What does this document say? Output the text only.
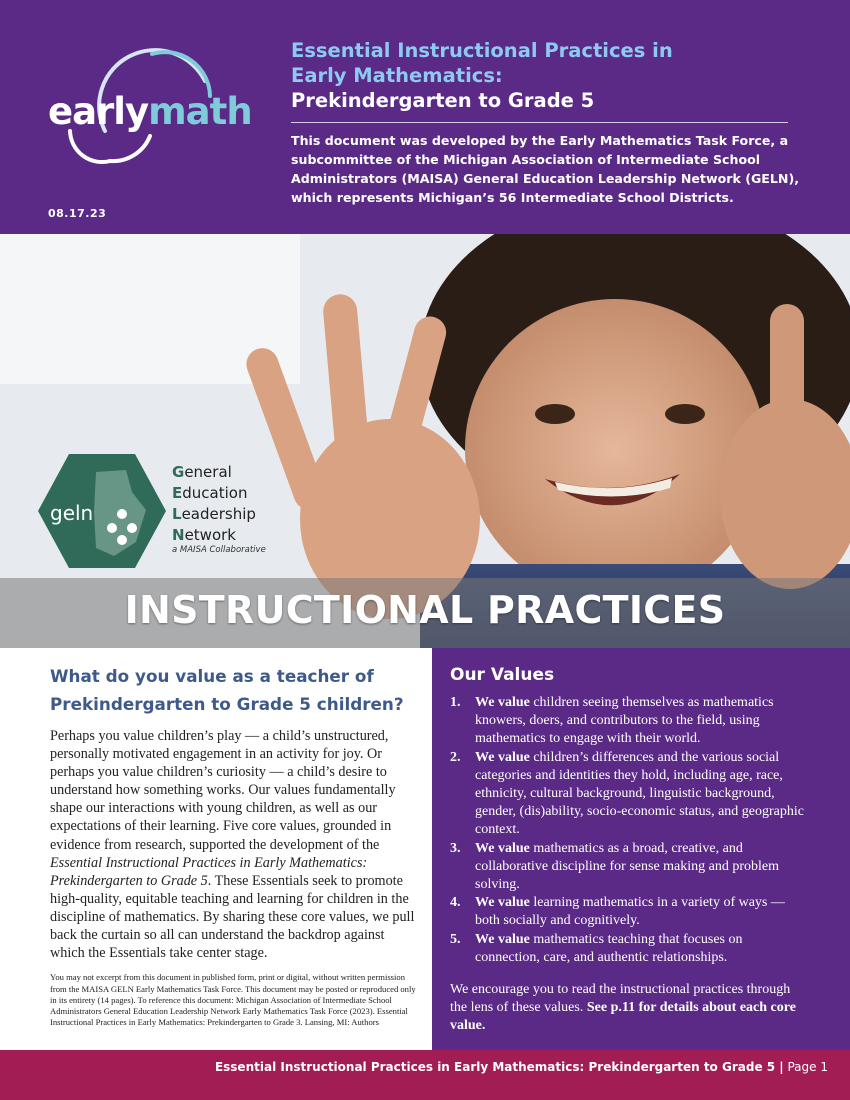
earlymath
08.17.23
Essential Instructional Practices in
Early Mathematics:
Prekindergarten to Grade 5
This document was developed by the Early Mathematics Task Force, a subcommittee of the Michigan Association of Intermediate School Administrators (MAISA) General Education Leadership Network (GELN), which represents Michigan’s 56 Intermediate School Districts.
geln
General
Education
Leadership
Network
a MAISA Collaborative
INSTRUCTIONAL PRACTICES
What do you value as a teacher of
Prekindergarten to Grade 5 children?

Perhaps you value children’s play — a child’s unstructured, personally motivated engagement in an activity for joy. Or perhaps you value children’s curiosity — a child’s desire to understand how something works. Our values fundamentally shape our interactions with young children, as well as our expectations of their learning. Five core values, grounded in evidence from research, supported the development of the Essential Instructional Practices in Early Mathematics: Prekindergarten to Grade 5. These Essentials seek to promote high-quality, equitable teaching and learning for children in the discipline of mathematics. By sharing these core values, we pull back the curtain so all can understand the backdrop against which the Essentials take center stage.

You may not excerpt from this document in published form, print or digital, without written permission from the MAISA GELN Early Mathematics Task Force. This document may be posted or reproduced only in its entirety (14 pages). To reference this document: Michigan Association of Intermediate School Administrators General Education Leadership Network Early Mathematics Task Force (2023). Essential Instructional Practices in Early Mathematics: Prekindergarten to Grade 3. Lansing, MI: Authors

Our Values
1. We value children seeing themselves as mathematics knowers, doers, and contributors to the field, using mathematics to engage with their world.
2. We value children’s differences and the various social categories and identities they hold, including age, race, ethnicity, cultural background, linguistic background, gender, (dis)ability, socio-economic status, and geographic context.
3. We value mathematics as a broad, creative, and collaborative discipline for sense making and problem solving.
4. We value learning mathematics in a variety of ways — both socially and cognitively.
5. We value mathematics teaching that focuses on connection, care, and authentic relationships.

We encourage you to read the instructional practices through the lens of these values. See p.11 for details about each core value.

Essential Instructional Practices in Early Mathematics: Prekindergarten to Grade 5 | Page 1
